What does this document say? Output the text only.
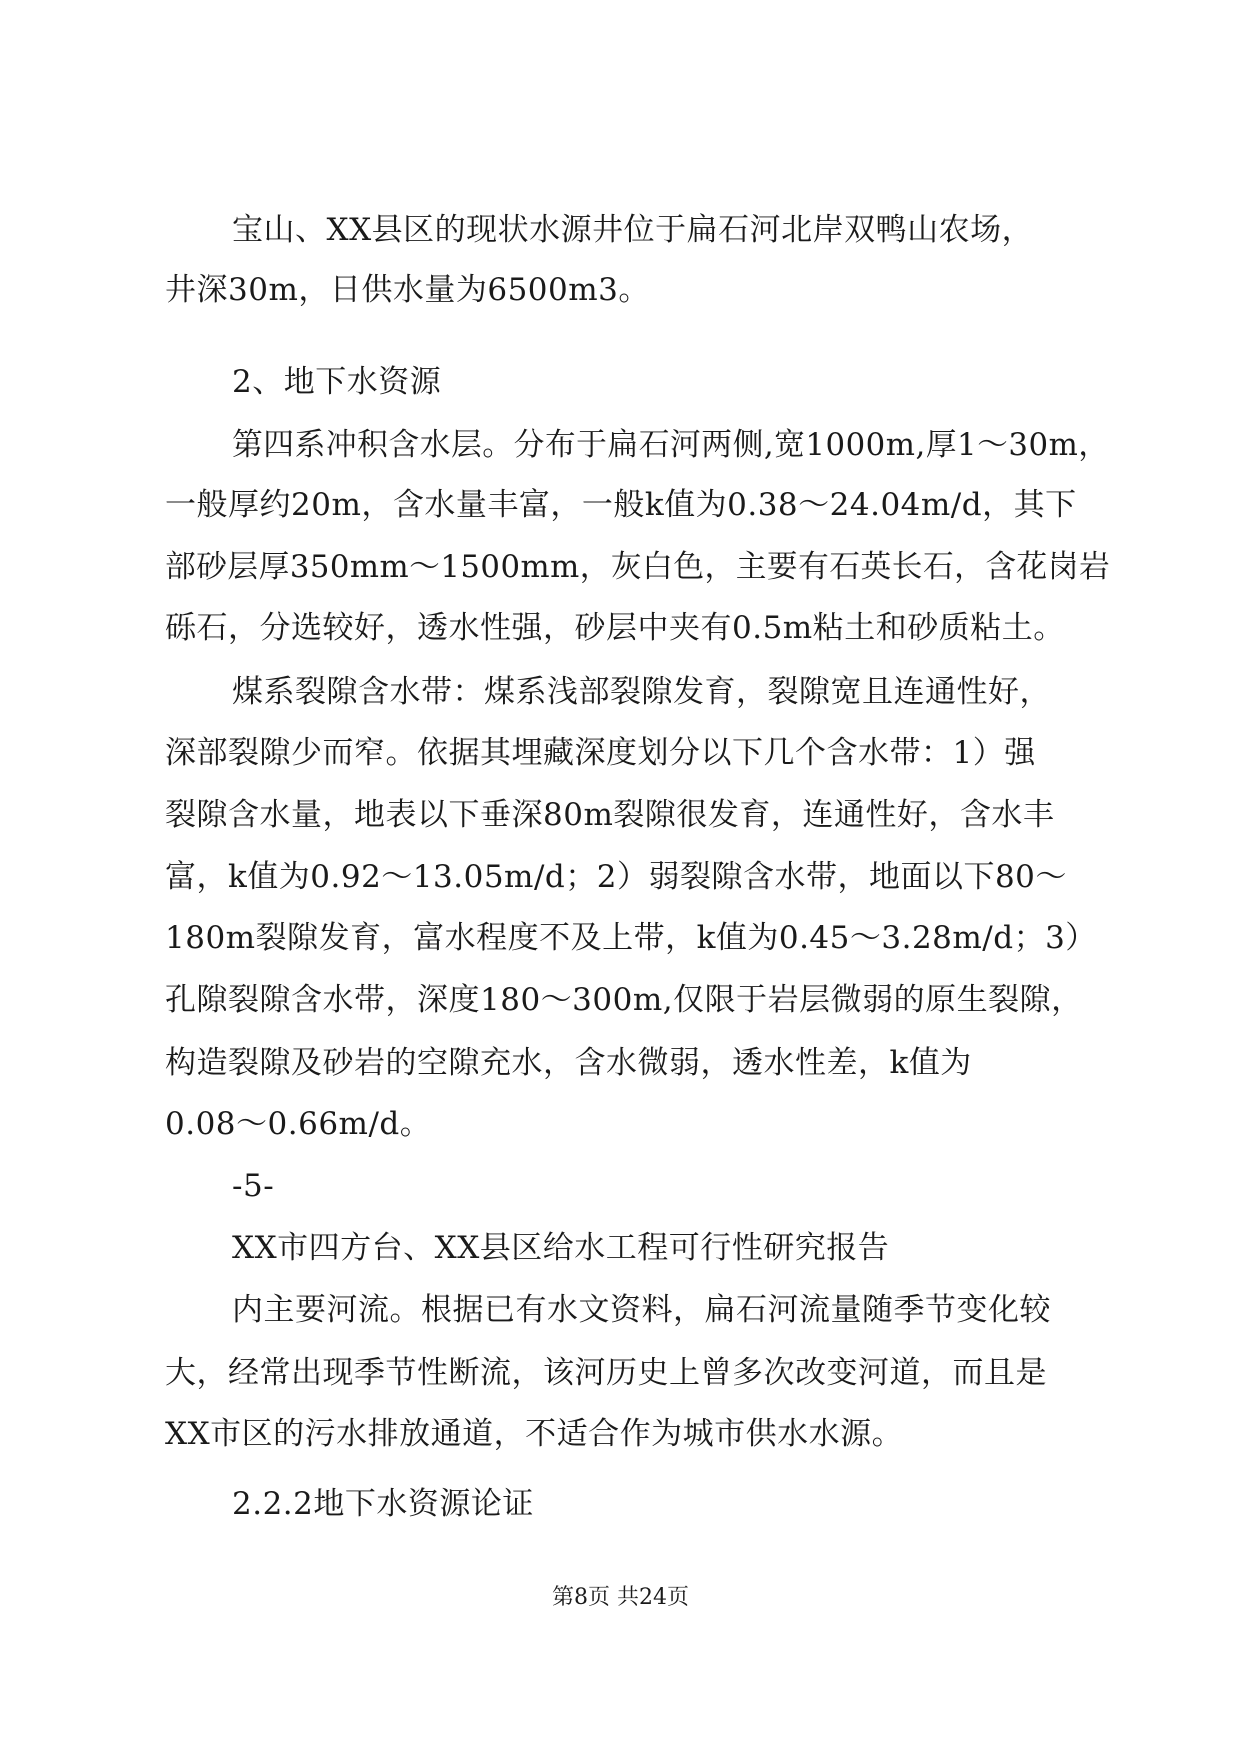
宝山、XX县区的现状水源井位于扁石河北岸双鸭山农场，
井深30m，日供水量为6500m3。
2、地下水资源
第四系冲积含水层。分布于扁石河两侧,宽1000m,厚1～30m，
一般厚约20m，含水量丰富，一般k值为0.38～24.04m/d，其下
部砂层厚350mm～1500mm，灰白色，主要有石英长石，含花岗岩
砾石，分选较好，透水性强，砂层中夹有0.5m粘土和砂质粘土。
煤系裂隙含水带：煤系浅部裂隙发育，裂隙宽且连通性好，
深部裂隙少而窄。依据其埋藏深度划分以下几个含水带：1）强
裂隙含水量，地表以下垂深80m裂隙很发育，连通性好，含水丰
富，k值为0.92～13.05m/d；2）弱裂隙含水带，地面以下80～
180m裂隙发育，富水程度不及上带，k值为0.45～3.28m/d；3）
孔隙裂隙含水带，深度180～300m,仅限于岩层微弱的原生裂隙，
构造裂隙及砂岩的空隙充水，含水微弱，透水性差，k值为
0.08～0.66m/d。
-5-
XX市四方台、XX县区给水工程可行性研究报告
内主要河流。根据已有水文资料，扁石河流量随季节变化较
大，经常出现季节性断流，该河历史上曾多次改变河道，而且是
XX市区的污水排放通道，不适合作为城市供水水源。
2.2.2地下水资源论证
第8页 共24页
